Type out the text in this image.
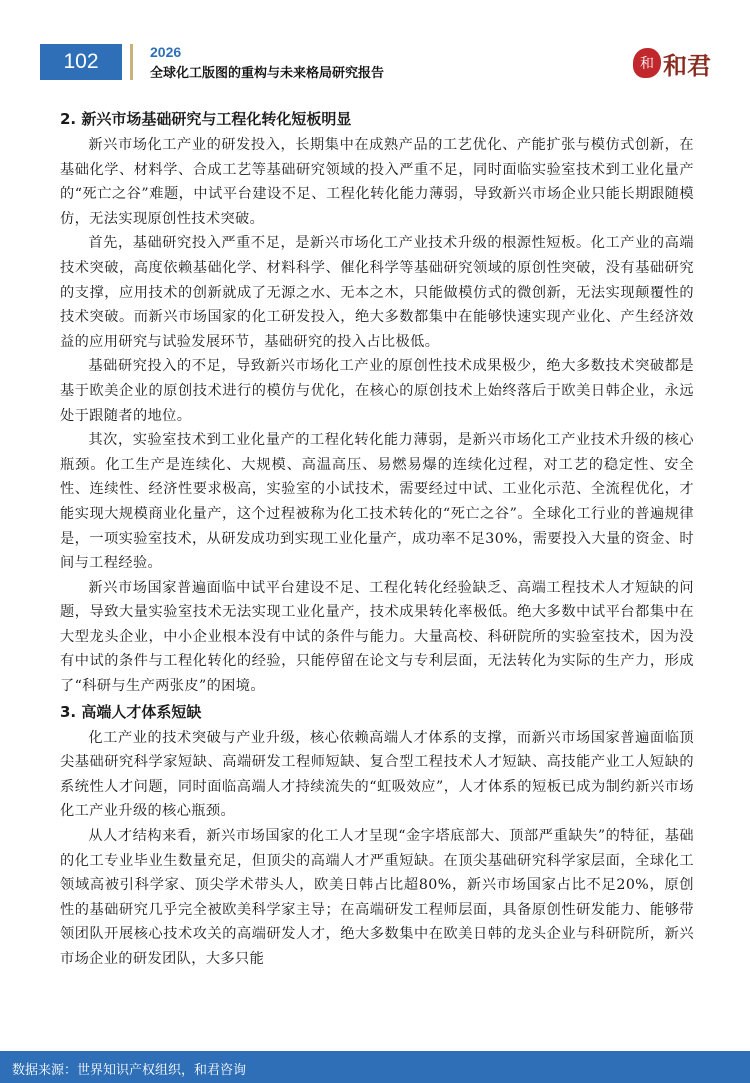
102	2026
全球化工版图的重构与未来格局研究报告
和 和君
2. 新兴市场基础研究与工程化转化短板明显

新兴市场化工产业的研发投入，长期集中在成熟产品的工艺优化、产能扩张与模仿式创新，在基础化学、材料学、合成工艺等基础研究领域的投入严重不足，同时面临实验室技术到工业化量产的“死亡之谷”难题，中试平台建设不足、工程化转化能力薄弱，导致新兴市场企业只能长期跟随模仿，无法实现原创性技术突破。

首先，基础研究投入严重不足，是新兴市场化工产业技术升级的根源性短板。化工产业的高端技术突破，高度依赖基础化学、材料科学、催化科学等基础研究领域的原创性突破，没有基础研究的支撑，应用技术的创新就成了无源之水、无本之木，只能做模仿式的微创新，无法实现颠覆性的技术突破。而新兴市场国家的化工研发投入，绝大多数都集中在能够快速实现产业化、产生经济效益的应用研究与试验发展环节，基础研究的投入占比极低。

基础研究投入的不足，导致新兴市场化工产业的原创性技术成果极少，绝大多数技术突破都是基于欧美企业的原创技术进行的模仿与优化，在核心的原创技术上始终落后于欧美日韩企业，永远处于跟随者的地位。

其次，实验室技术到工业化量产的工程化转化能力薄弱，是新兴市场化工产业技术升级的核心瓶颈。化工生产是连续化、大规模、高温高压、易燃易爆的连续化过程，对工艺的稳定性、安全性、连续性、经济性要求极高，实验室的小试技术，需要经过中试、工业化示范、全流程优化，才能实现大规模商业化量产，这个过程被称为化工技术转化的“死亡之谷”。全球化工行业的普遍规律是，一项实验室技术，从研发成功到实现工业化量产，成功率不足30%，需要投入大量的资金、时间与工程经验。

新兴市场国家普遍面临中试平台建设不足、工程化转化经验缺乏、高端工程技术人才短缺的问题，导致大量实验室技术无法实现工业化量产，技术成果转化率极低。绝大多数中试平台都集中在大型龙头企业，中小企业根本没有中试的条件与能力。大量高校、科研院所的实验室技术，因为没有中试的条件与工程化转化的经验，只能停留在论文与专利层面，无法转化为实际的生产力，形成了“科研与生产两张皮”的困境。

3. 高端人才体系短缺

化工产业的技术突破与产业升级，核心依赖高端人才体系的支撑，而新兴市场国家普遍面临顶尖基础研究科学家短缺、高端研发工程师短缺、复合型工程技术人才短缺、高技能产业工人短缺的系统性人才问题，同时面临高端人才持续流失的“虹吸效应”，人才体系的短板已成为制约新兴市场化工产业升级的核心瓶颈。

从人才结构来看，新兴市场国家的化工人才呈现“金字塔底部大、顶部严重缺失”的特征，基础的化工专业毕业生数量充足，但顶尖的高端人才严重短缺。在顶尖基础研究科学家层面，全球化工领域高被引科学家、顶尖学术带头人，欧美日韩占比超80%，新兴市场国家占比不足20%，原创性的基础研究几乎完全被欧美科学家主导；在高端研发工程师层面，具备原创性研发能力、能够带领团队开展核心技术攻关的高端研发人才，绝大多数集中在欧美日韩的龙头企业与科研院所，新兴市场企业的研发团队，大多只能

数据来源：世界知识产权组织，和君咨询
